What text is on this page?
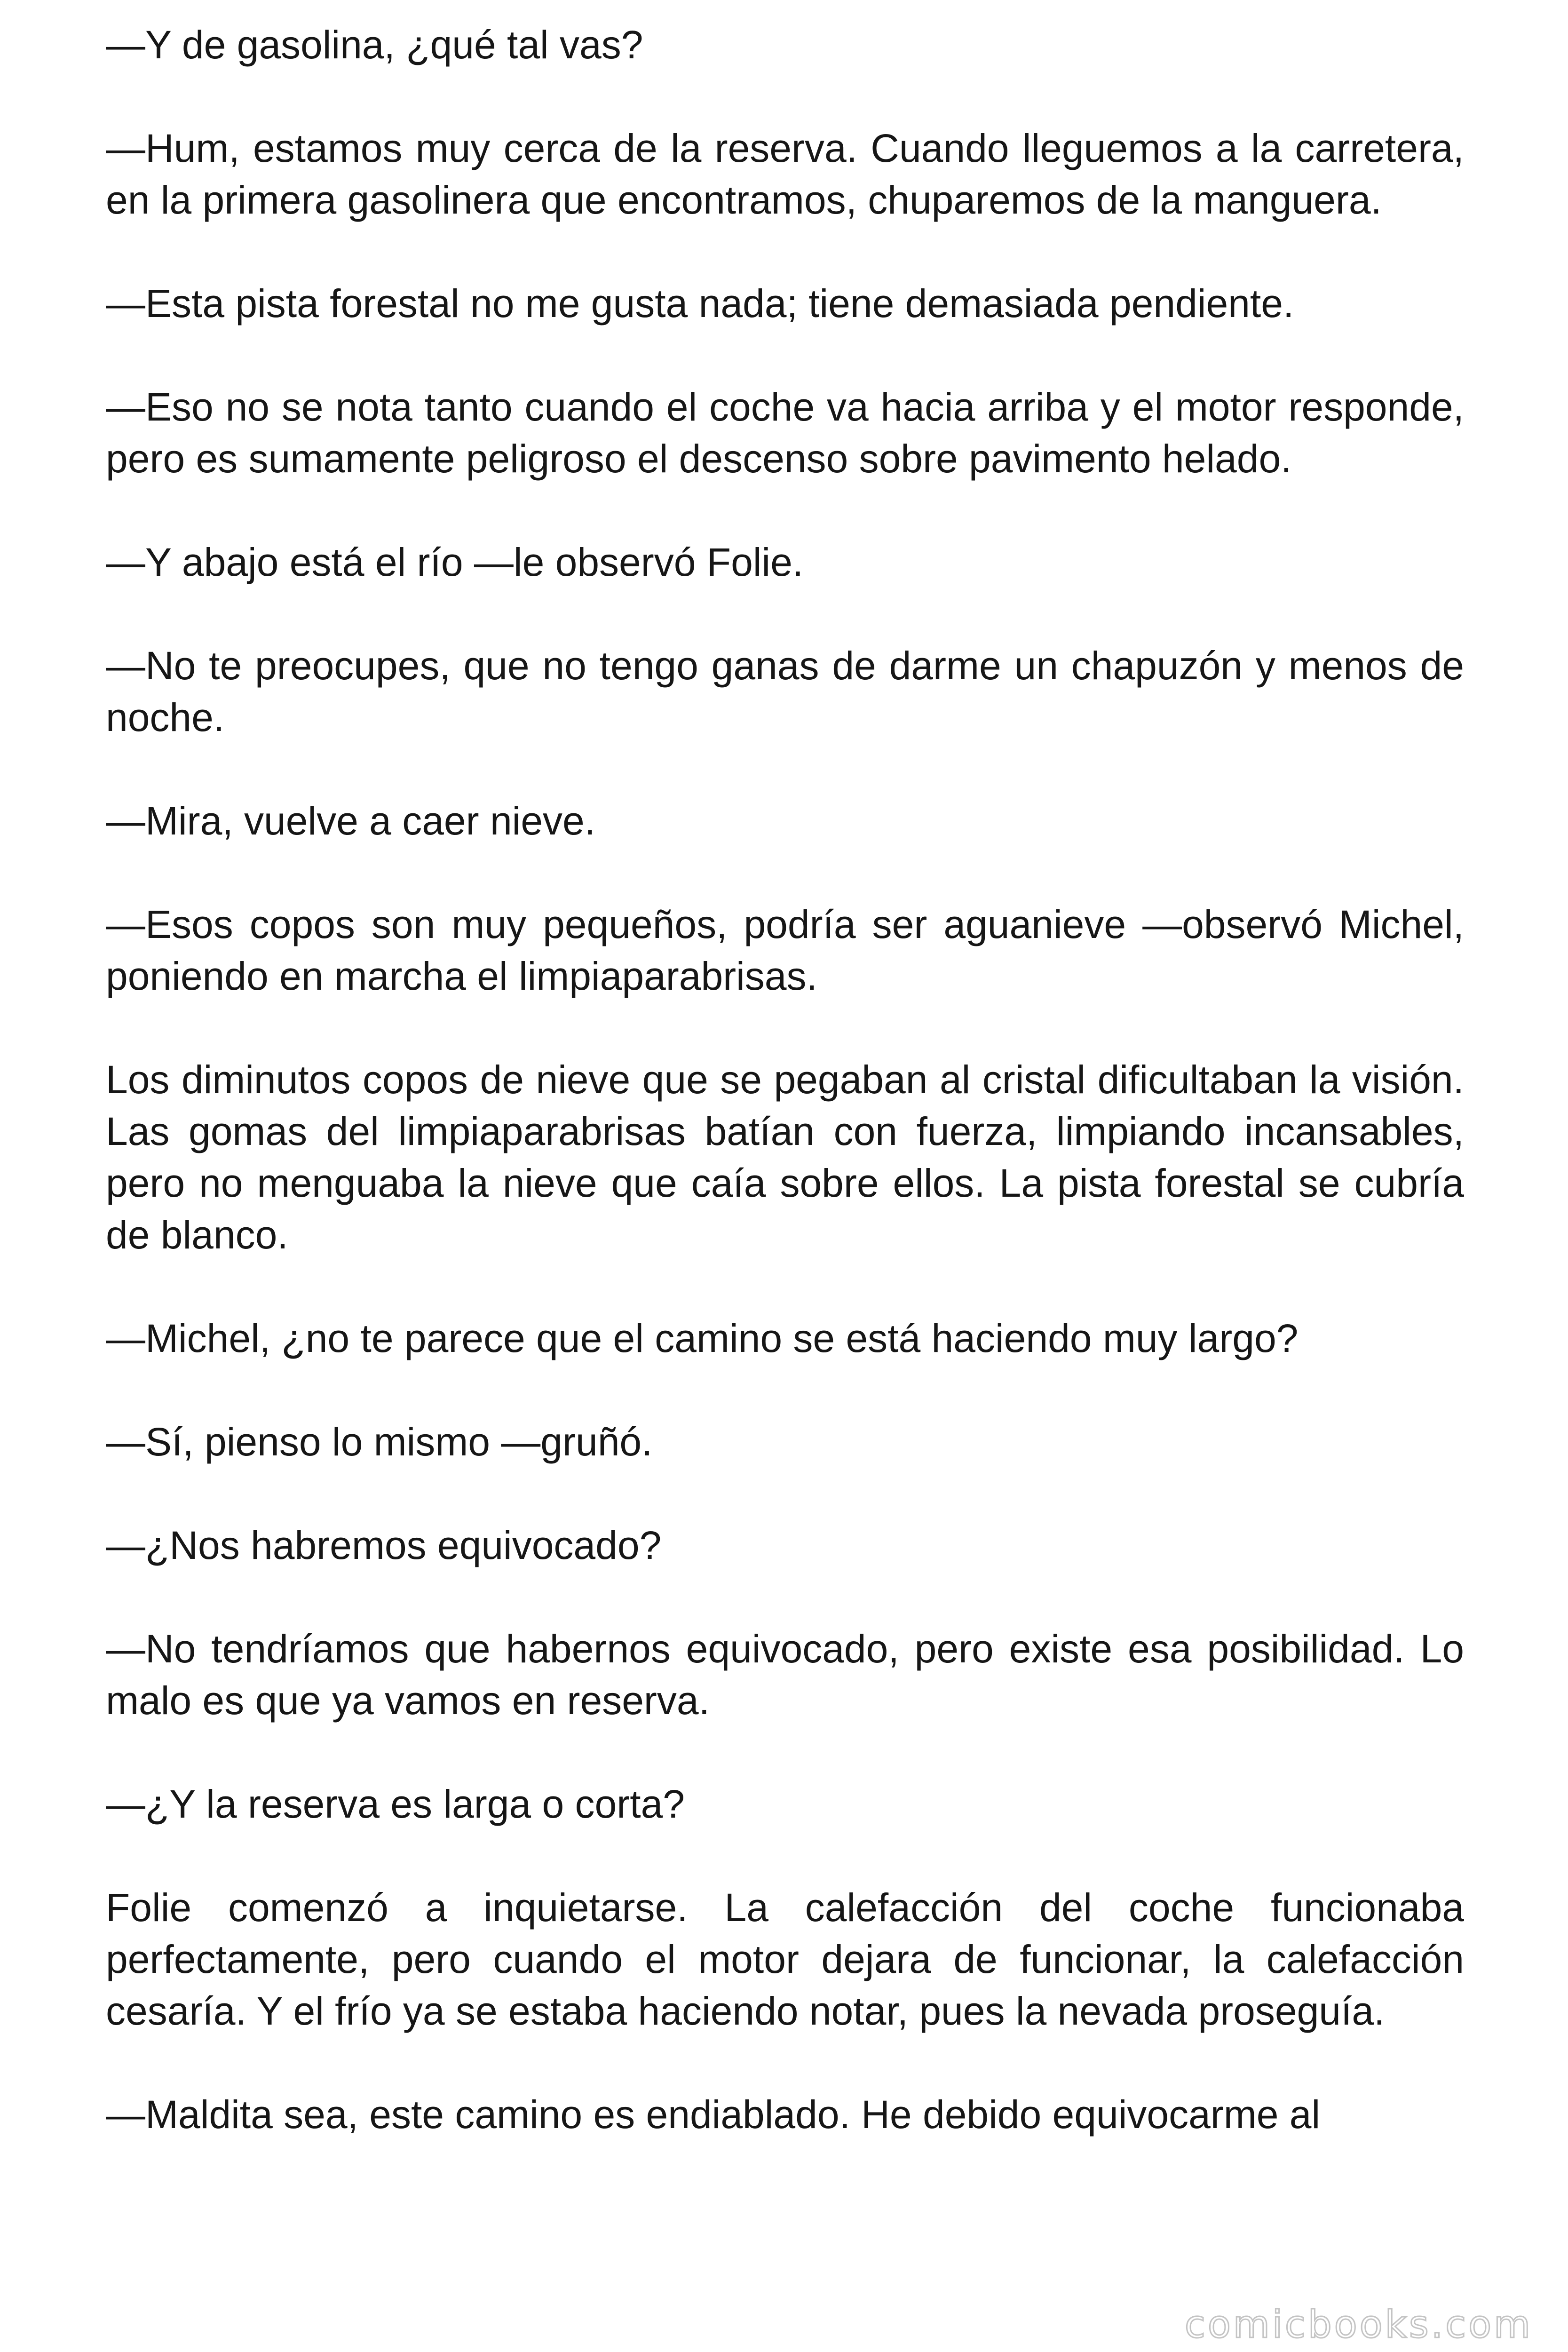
—Y de gasolina, ¿qué tal vas?

—Hum, estamos muy cerca de la reserva. Cuando lleguemos a la carretera, en la primera gasolinera que encontramos, chuparemos de la manguera.

—Esta pista forestal no me gusta nada; tiene demasiada pendiente.

—Eso no se nota tanto cuando el coche va hacia arriba y el motor responde, pero es sumamente peligroso el descenso sobre pavimento helado.

—Y abajo está el río —le observó Folie.

—No te preocupes, que no tengo ganas de darme un chapuzón y menos de noche.

—Mira, vuelve a caer nieve.

—Esos copos son muy pequeños, podría ser aguanieve —observó Michel, poniendo en marcha el limpiaparabrisas.

Los diminutos copos de nieve que se pegaban al cristal dificultaban la visión. Las gomas del limpiaparabrisas batían con fuerza, limpiando incansables, pero no menguaba la nieve que caía sobre ellos. La pista forestal se cubría de blanco.

—Michel, ¿no te parece que el camino se está haciendo muy largo?

—Sí, pienso lo mismo —gruñó.

—¿Nos habremos equivocado?

—No tendríamos que habernos equivocado, pero existe esa posibilidad. Lo malo es que ya vamos en reserva.

—¿Y la reserva es larga o corta?

Folie comenzó a inquietarse. La calefacción del coche funcionaba perfectamente, pero cuando el motor dejara de funcionar, la calefacción cesaría. Y el frío ya se estaba haciendo notar, pues la nevada proseguía.

—Maldita sea, este camino es endiablado. He debido equivocarme al

comicbooks.com
